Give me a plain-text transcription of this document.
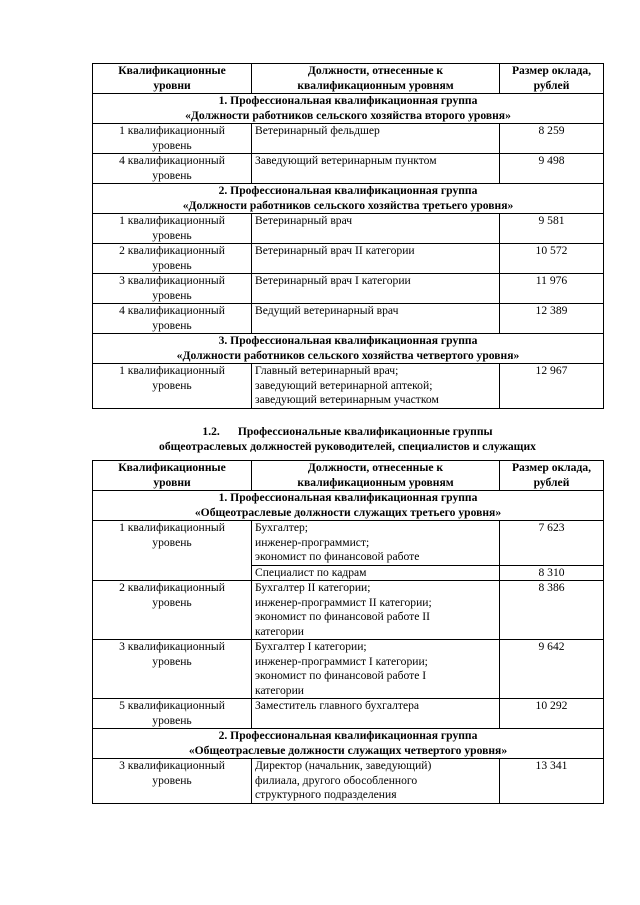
Квалификационные
уровни	Должности, отнесенные к
квалификационным уровням	Размер оклада,
рублей

1. Профессиональная квалификационная группа
«Должности работников сельского хозяйства второго уровня»		

1 квалификационный
уровень	Ветеринарный фельдшер	8 259

4 квалификационный
уровень	Заведующий ветеринарным пунктом	9 498

2. Профессиональная квалификационная группа
«Должности работников сельского хозяйства третьего уровня»		

1 квалификационный
уровень	Ветеринарный врач	9 581

2 квалификационный
уровень	Ветеринарный врач II категории	10 572

3 квалификационный
уровень	Ветеринарный врач I категории	11 976

4 квалификационный
уровень	Ведущий ветеринарный врач	12 389

3. Профессиональная квалификационная группа
«Должности работников сельского хозяйства четвертого уровня»		

1 квалификационный
уровень	Главный ветеринарный врач;
заведующий ветеринарной аптекой;
заведующий ветеринарным участком	12 967
1.2. Профессиональные квалификационные группы
общеотраслевых должностей руководителей, специалистов и служащих
Квалификационные
уровни	Должности, отнесенные к
квалификационным уровням	Размер оклада,
рублей

1. Профессиональная квалификационная группа
«Общеотраслевые должности служащих третьего уровня»		

1 квалификационный
уровень	Бухгалтер;
инженер-программист;
экономист по финансовой работе	7 623

	Специалист по кадрам	8 310

2 квалификационный
уровень	Бухгалтер II категории;
инженер-программист II категории;
экономист по финансовой работе II
категории	8 386

3 квалификационный
уровень	Бухгалтер I категории;
инженер-программист I категории;
экономист по финансовой работе I
категории	9 642

5 квалификационный
уровень	Заместитель главного бухгалтера	10 292

2. Профессиональная квалификационная группа
«Общеотраслевые должности служащих четвертого уровня»		

3 квалификационный
уровень	Директор (начальник, заведующий)
филиала, другого обособленного
структурного подразделения	13 341
